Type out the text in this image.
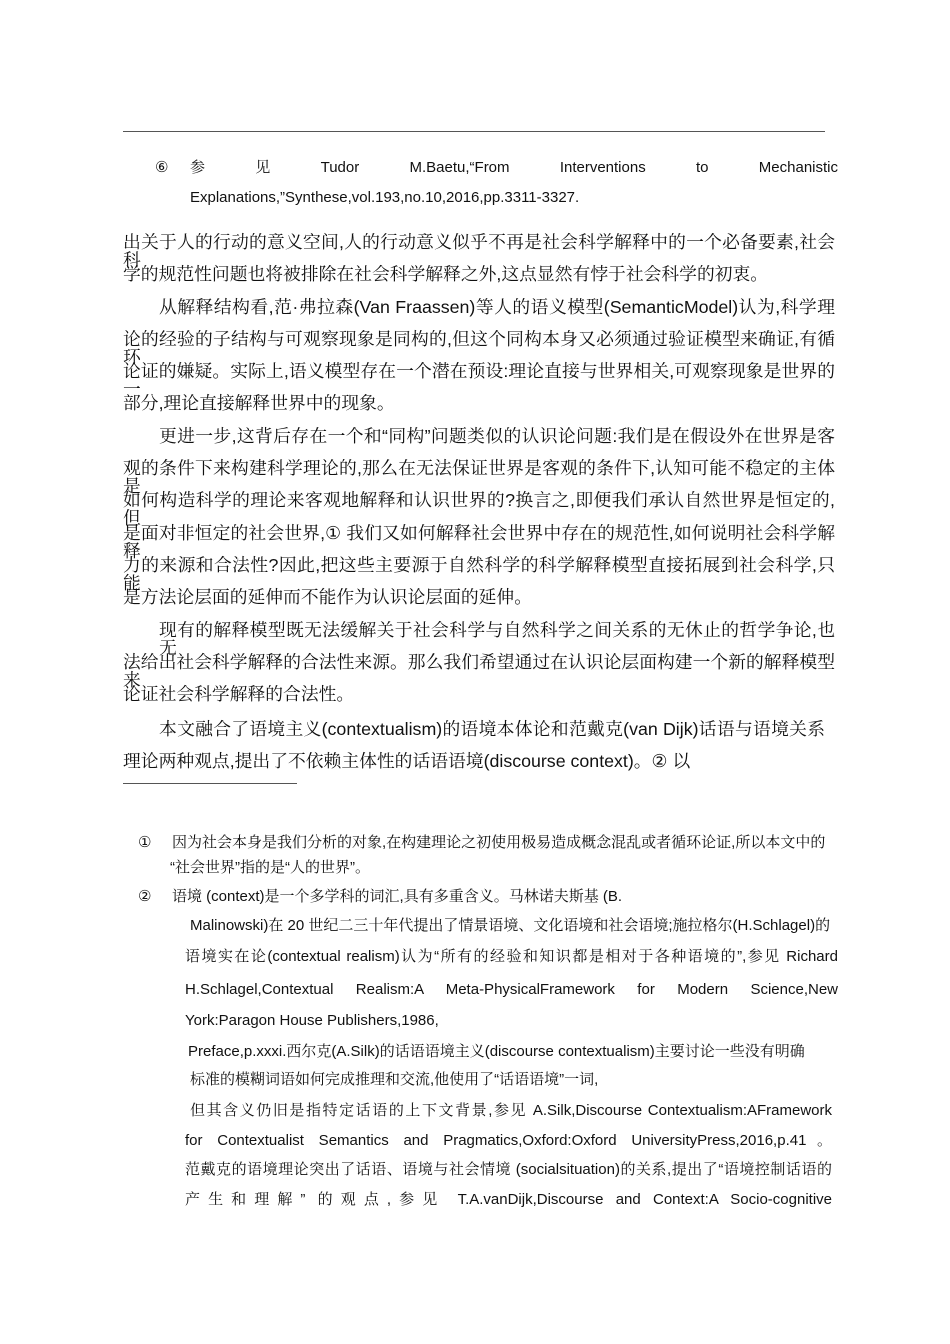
⑥ 参　见　Tudor　M.Baetu,“From　Interventions　to　Mechanistic
Explanations,”Synthese,vol.193,no.10,2016,pp.3311-3327.
出关于人的行动的意义空间,人的行动意义似乎不再是社会科学解释中的一个必备要素,社会科
学的规范性问题也将被排除在社会科学解释之外,这点显然有悖于社会科学的初衷。
从解释结构看,范·弗拉森(Van Fraassen)等人的语义模型(SemanticModel)认为,科学理
论的经验的子结构与可观察现象是同构的,但这个同构本身又必须通过验证模型来确证,有循环
论证的嫌疑。实际上,语义模型存在一个潜在预设:理论直接与世界相关,可观察现象是世界的一
部分,理论直接解释世界中的现象。
更进一步,这背后存在一个和“同构”问题类似的认识论问题:我们是在假设外在世界是客
观的条件下来构建科学理论的,那么在无法保证世界是客观的条件下,认知可能不稳定的主体是
如何构造科学的理论来客观地解释和认识世界的?换言之,即便我们承认自然世界是恒定的,但
是面对非恒定的社会世界,① 我们又如何解释社会世界中存在的规范性,如何说明社会科学解释
力的来源和合法性?因此,把这些主要源于自然科学的科学解释模型直接拓展到社会科学,只能
是方法论层面的延伸而不能作为认识论层面的延伸。
现有的解释模型既无法缓解关于社会科学与自然科学之间关系的无休止的哲学争论,也无
法给出社会科学解释的合法性来源。那么我们希望通过在认识论层面构建一个新的解释模型来
论证社会科学解释的合法性。
本文融合了语境主义(contextualism)的语境本体论和范戴克(van Dijk)话语与语境关系
理论两种观点,提出了不依赖主体性的话语语境(discourse context)。② 以
① 因为社会本身是我们分析的对象,在构建理论之初使用极易造成概念混乱或者循环论证,所以本文中的
“社会世界”指的是“人的世界”。
② 语境 (context)是一个多学科的词汇,具有多重含义。马林诺夫斯基 (B.
Malinowski)在 20 世纪二三十年代提出了情景语境、文化语境和社会语境;施拉格尔(H.Schlagel)的
语境实在论(contextual realism)认为“所有的经验和知识都是相对于各种语境的”,参见 Richard
H.Schlagel,Contextual Realism:A Meta-PhysicalFramework for Modern Science,New
York:Paragon House Publishers,1986,
Preface,p.xxxi.西尔克(A.Silk)的话语语境主义(discourse contextualism)主要讨论一些没有明确
标准的模糊词语如何完成推理和交流,他使用了“话语语境”一词,
但其含义仍旧是指特定话语的上下文背景,参见 A.Silk,Discourse Contextualism:AFramework
for Contextualist Semantics and Pragmatics,Oxford:Oxford UniversityPress,2016,p.41。
范戴克的语境理论突出了话语、语境与社会情境 (socialsituation)的关系,提出了“语境控制话语的
产生和理解” 的观点,参见 T.A.vanDijk,Discourse and Context:A Socio-cognitive
